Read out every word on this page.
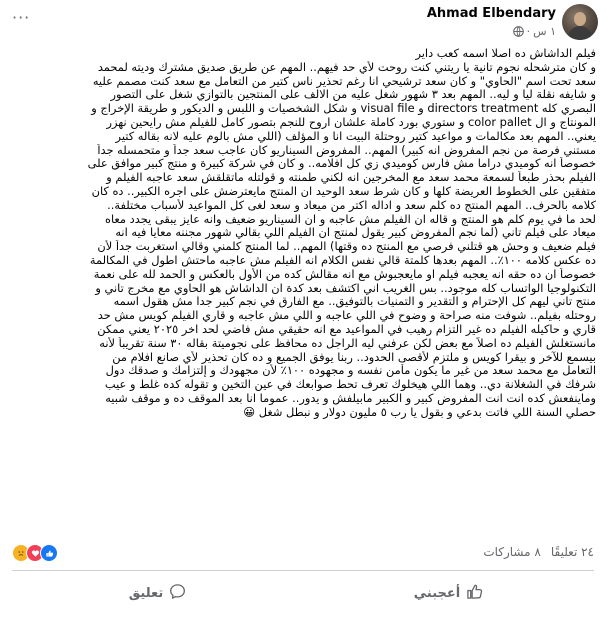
Ahmad Elbendary
١ س
·
···
فيلم الداشاش ده اصلا اسمه كعب داير
و كان مترشحله نجوم تانية يا ريتني كنت روحت لأي حد فيهم.. المهم عن طريق صديق مشترك وديته لمحمد
سعد تحت اسم "الحاوي" و كان سعد ترشيحي انا رغم تحذير ناس كتير من التعامل مع سعد كنت مصمم عليه
و شايفه نقلة ليا و ليه.. المهم بعد ٣ شهور شغل عليه من الالف على المنتجين بالتوازي شغل على التصور
البصري كله directors treatment و visual file و شكل الشخصيات و اللبس و الديكور و طريقة الإخراج و
المونتاج و ال color pallet و ستوري بورد كاملة علشان اروح للنجم بتصور كامل للفيلم مش رايحين نهزر
يعني.. المهم بعد مكالمات و مواعيد كتير روحتلة البيت انا و المؤلف (اللي مش بالوم عليه لانه بقاله كتير
مستني فرصة من نجم المفروض انه كبير) المهم.. المفروض السيناريو كان عاجب سعد جداً و متحمسله جداً
خصوصاً انه كوميدي دراما مش فارس كوميدي زي كل افلامه.. و كان في شركة كبيرة و منتج كبير موافق على
الفيلم بحذر طبعاً لسمعة محمد سعد مع المخرجين انه لكني طمنته و قولتله ماتقلقش سعد عاجبه الفيلم و
متفقين على الخطوط العريضة كلها و كان شرط سعد الوحيد ان المنتج مايعترضش على اجره الكبير.. ده كان
كلامه بالحرف.. المهم المنتج ده كلم سعد و اداله اكتر من ميعاد و سعد لغى كل المواعيد لأسباب مختلفة..
لحد ما في يوم كلم هو المنتج و قاله ان الفيلم مش عاجبه و ان السيناريو ضعيف وانه عايز يبقى يجدد معاه
ميعاد على فيلم تاني (لما نجم المفروض كبير يقول لمنتج ان الفيلم اللي بقالي شهور مجننه معايا فيه انه
فيلم ضعيف و وحش هو قتلني فرصي مع المنتج ده وقتها) المهم.. لما المنتج كلمني وقالي استغربت جداً لأن
ده عكس كلامه ١٠٠٪.. المهم بعدها كلمتة قالي نفس الكلام انه الفيلم مش عاجبه ماحتش اطول في المكالمة
خصوصاً ان ده حقه انه يعجبه فيلم او مايعجبوش مع انه مقالش كده من الأول بالعكس و الحمد لله على نعمة
التكنولوجيا الواتساب كله موجود.. بس الغريب اني اكتشف بعد كدة ان الداشاش هو الحاوي مع مخرج تاني و
منتج تاني ليهم كل الإحترام و التقدير و التمنيات بالتوفيق.. مع الفارق في نجم كبير جدا مش هقول اسمه
روحتله بفيلم.. شوفت منه صراحة و وضوح في اللي عاجبه و اللي مش عاجبه و قاري الفيلم كويس مش حد
قاري و حاكيله الفيلم ده غير التزام رهيب في المواعيد مع انه حقيقي مش فاضي لحد اخر ٢٠٢٥ يعني ممكن
مانستغلش الفيلم ده اصلاً مع بعض لكن عرفني ليه الراجل ده محافظ على نجوميتة بقاله ٣٠ سنة تقريباً لأنه
بيسمع للآخر و بيقرا كويس و ملتزم لأقصى الحدود.. ربنا يوفق الجميع و ده كان تحذير لأي صانع افلام من
التعامل مع محمد سعد من غير ما يكون مأمن نفسه و مجهوده ١٠٠٪ لأن مجهودك و إلتزامك و صدقك دول
شرفك في الشغلانة دي.. وهما اللي هيخلوك تعرف تحط صوابعك في عين التخين و تقوله كده غلط و عيب
وماينفعش كده انت انت المفروض كبير و الكبير مابيلفش و يدور.. عموما انا بعد الموقف ده و موقف شبيه
حصلي السنة اللي فاتت بدعي و بقول يا رب ٥ مليون دولار و نبطل شغل 😀
٢٤ تعليقًا
٨ مشاركات
أعجبني
تعليق
